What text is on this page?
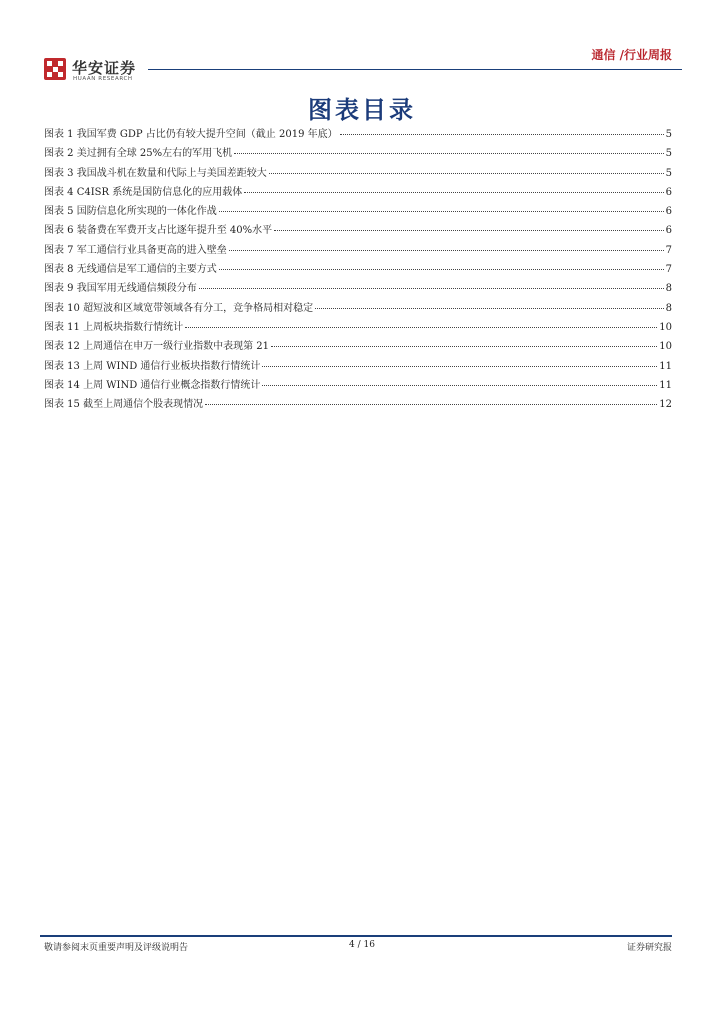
华安证券
HUAAN RESEARCH
通信 /行业周报
图表目录
图表 1 我国军费 GDP 占比仍有较大提升空间（截止 2019 年底）	5
图表 2 美过拥有全球 25%左右的军用飞机	5
图表 3 我国战斗机在数量和代际上与美国差距较大	5
图表 4 C4ISR 系统是国防信息化的应用载体	6
图表 5 国防信息化所实现的一体化作战	6
图表 6 装备费在军费开支占比逐年提升至 40%水平	6
图表 7 军工通信行业具备更高的进入壁垒	7
图表 8 无线通信是军工通信的主要方式	7
图表 9 我国军用无线通信频段分布	8
图表 10 超短波和区域宽带领域各有分工，竞争格局相对稳定	8
图表 11 上周板块指数行情统计	10
图表 12 上周通信在申万一级行业指数中表现第 21	10
图表 13 上周 WIND 通信行业板块指数行情统计	11
图表 14 上周 WIND 通信行业概念指数行情统计	11
图表 15 截至上周通信个股表现情况	12
敬请参阅末页重要声明及评级说明告	4 / 16	证券研究报
